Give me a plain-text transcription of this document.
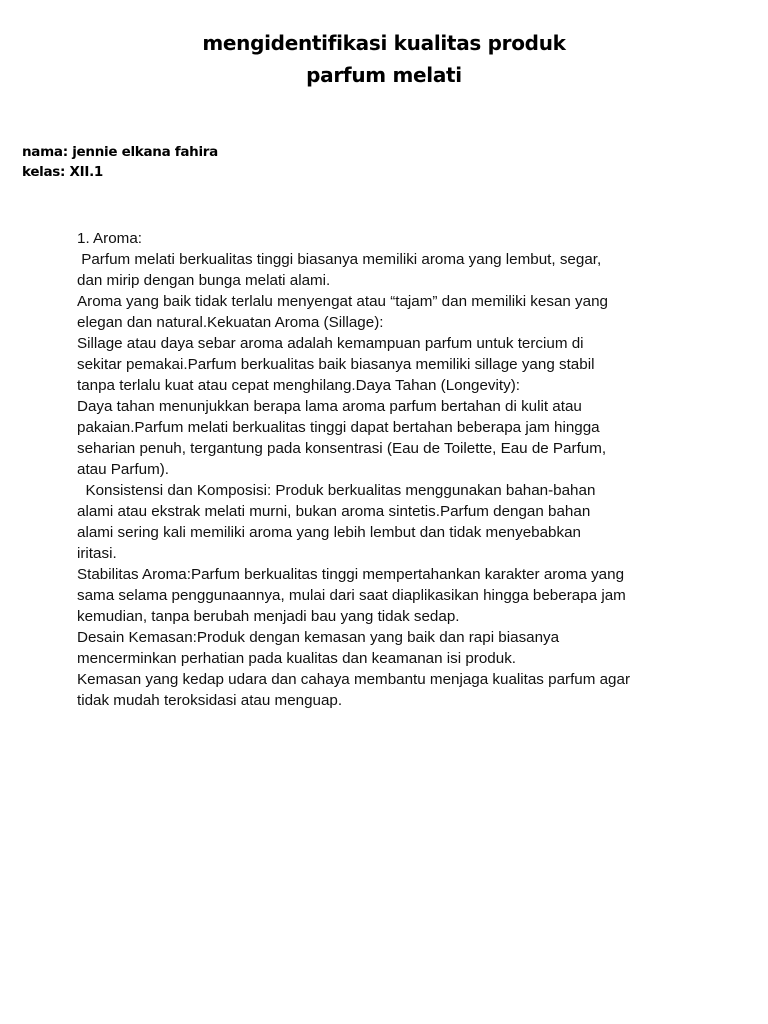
mengidentifikasi kualitas produk
parfum melati
nama: jennie elkana fahira
kelas: XII.1
1. Aroma:
Parfum melati berkualitas tinggi biasanya memiliki aroma yang lembut, segar,
dan mirip dengan bunga melati alami.
Aroma yang baik tidak terlalu menyengat atau “tajam” dan memiliki kesan yang
elegan dan natural.Kekuatan Aroma (Sillage):
Sillage atau daya sebar aroma adalah kemampuan parfum untuk tercium di
sekitar pemakai.Parfum berkualitas baik biasanya memiliki sillage yang stabil
tanpa terlalu kuat atau cepat menghilang.Daya Tahan (Longevity):
Daya tahan menunjukkan berapa lama aroma parfum bertahan di kulit atau
pakaian.Parfum melati berkualitas tinggi dapat bertahan beberapa jam hingga
seharian penuh, tergantung pada konsentrasi (Eau de Toilette, Eau de Parfum,
atau Parfum).
Konsistensi dan Komposisi: Produk berkualitas menggunakan bahan-bahan
alami atau ekstrak melati murni, bukan aroma sintetis.Parfum dengan bahan
alami sering kali memiliki aroma yang lebih lembut dan tidak menyebabkan
iritasi.
Stabilitas Aroma:Parfum berkualitas tinggi mempertahankan karakter aroma yang
sama selama penggunaannya, mulai dari saat diaplikasikan hingga beberapa jam
kemudian, tanpa berubah menjadi bau yang tidak sedap.
Desain Kemasan:Produk dengan kemasan yang baik dan rapi biasanya
mencerminkan perhatian pada kualitas dan keamanan isi produk.
Kemasan yang kedap udara dan cahaya membantu menjaga kualitas parfum agar
tidak mudah teroksidasi atau menguap.
